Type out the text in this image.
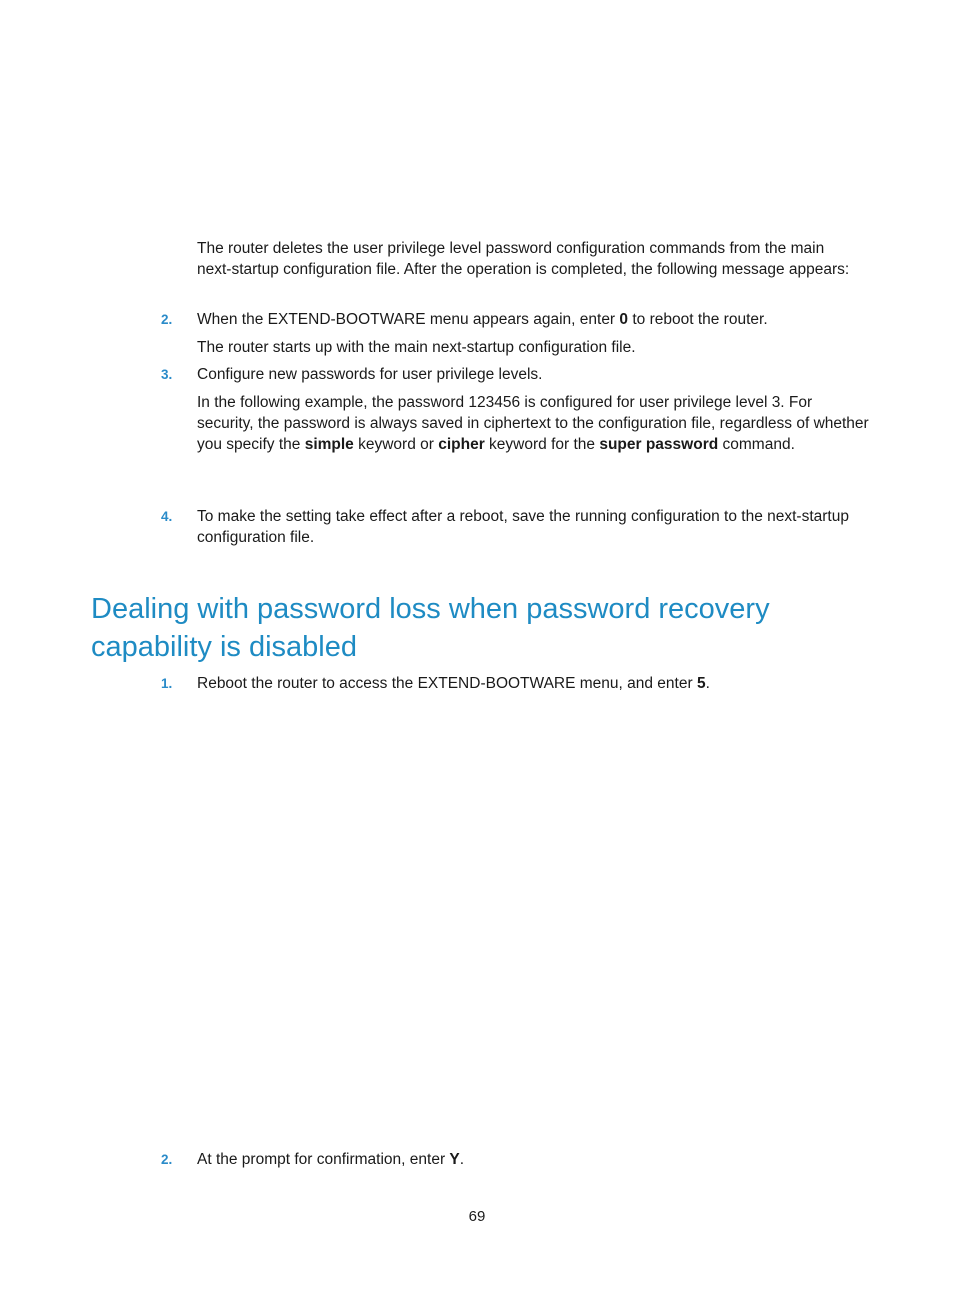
The router deletes the user privilege level password configuration commands from the main
next-startup configuration file. After the operation is completed, the following message appears:

2. When the EXTEND-BOOTWARE menu appears again, enter 0 to reboot the router.

The router starts up with the main next-startup configuration file.

3. Configure new passwords for user privilege levels.

In the following example, the password 123456 is configured for user privilege level 3. For
security, the password is always saved in ciphertext to the configuration file, regardless of whether
you specify the simple keyword or cipher keyword for the super password command.

4. To make the setting take effect after a reboot, save the running configuration to the next-startup
configuration file.

Dealing with password loss when password recovery
capability is disabled
1. Reboot the router to access the EXTEND-BOOTWARE menu, and enter 5.

2. At the prompt for confirmation, enter Y.

69
